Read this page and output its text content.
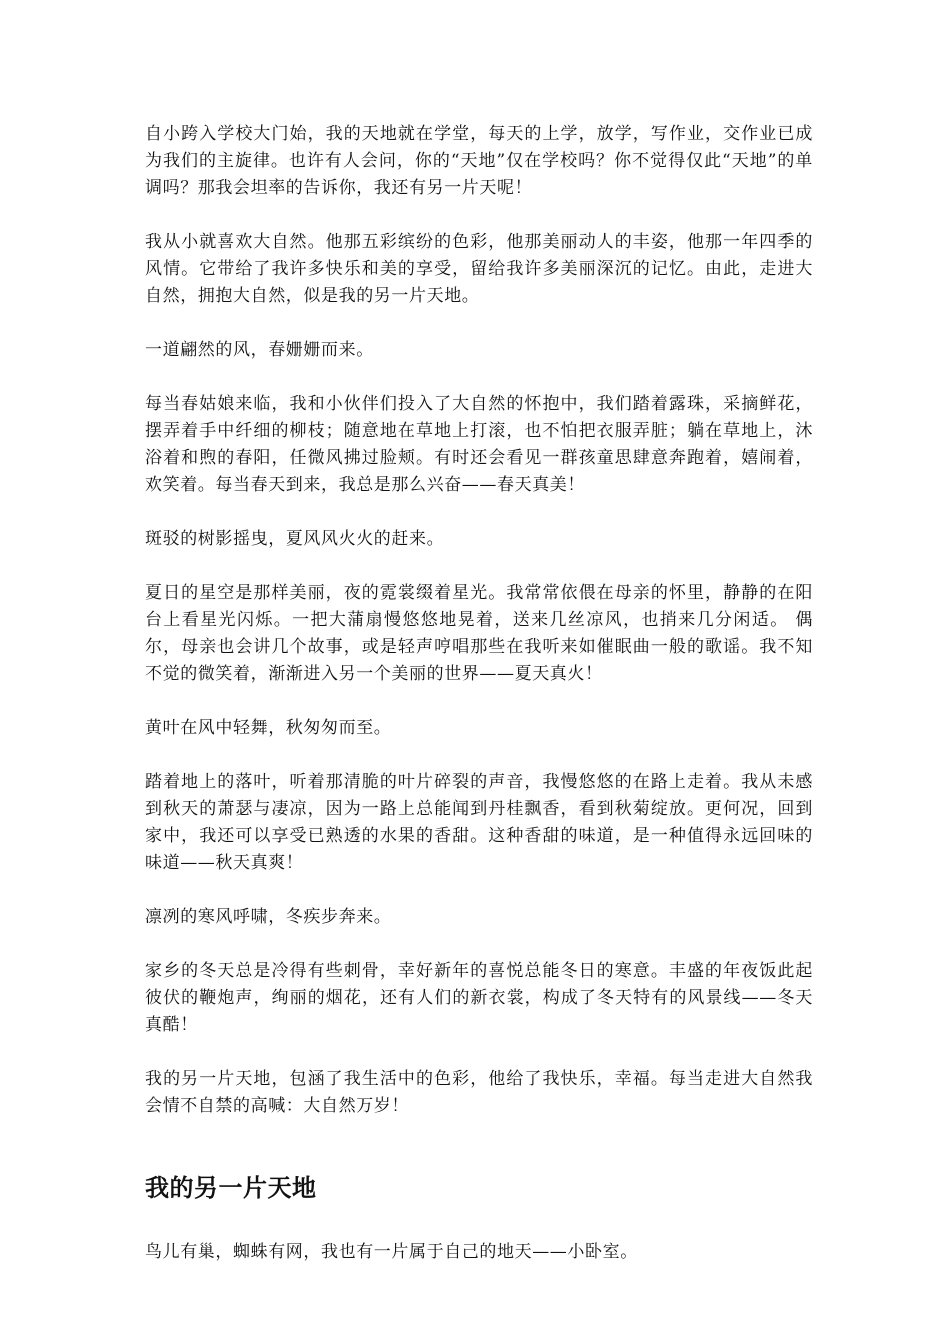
自小跨入学校大门始，我的天地就在学堂，每天的上学，放学，写作业，交作业已成为我们的主旋律。也许有人会问，你的“天地”仅在学校吗？你不觉得仅此“天地”的单调吗？那我会坦率的告诉你，我还有另一片天呢！

我从小就喜欢大自然。他那五彩缤纷的色彩，他那美丽动人的丰姿，他那一年四季的风情。它带给了我许多快乐和美的享受，留给我许多美丽深沉的记忆。由此，走进大自然，拥抱大自然，似是我的另一片天地。

一道翩然的风，春姗姗而来。

每当春姑娘来临，我和小伙伴们投入了大自然的怀抱中，我们踏着露珠，采摘鲜花，摆弄着手中纤细的柳枝；随意地在草地上打滚，也不怕把衣服弄脏；躺在草地上，沐浴着和煦的春阳，任微风拂过脸颊。有时还会看见一群孩童思肆意奔跑着，嬉闹着，欢笑着。每当春天到来，我总是那么兴奋——春天真美！

斑驳的树影摇曳，夏风风火火的赶来。

夏日的星空是那样美丽，夜的霓裳缀着星光。我常常依偎在母亲的怀里，静静的在阳台上看星光闪烁。一把大蒲扇慢悠悠地晃着，送来几丝凉风，也捎来几分闲适。 偶尔，母亲也会讲几个故事，或是轻声哼唱那些在我听来如催眠曲一般的歌谣。我不知不觉的微笑着，渐渐进入另一个美丽的世界——夏天真火！

黄叶在风中轻舞，秋匆匆而至。

踏着地上的落叶，听着那清脆的叶片碎裂的声音，我慢悠悠的在路上走着。我从未感到秋天的萧瑟与凄凉，因为一路上总能闻到丹桂飘香，看到秋菊绽放。更何况，回到家中，我还可以享受已熟透的水果的香甜。这种香甜的味道，是一种值得永远回味的味道——秋天真爽！

凛冽的寒风呼啸，冬疾步奔来。

家乡的冬天总是冷得有些刺骨，幸好新年的喜悦总能冬日的寒意。丰盛的年夜饭此起彼伏的鞭炮声，绚丽的烟花，还有人们的新衣裳，构成了冬天特有的风景线——冬天真酷！

我的另一片天地，包涵了我生活中的色彩，他给了我快乐，幸福。每当走进大自然我会情不自禁的高喊：大自然万岁！

我的另一片天地

鸟儿有巢，蜘蛛有网，我也有一片属于自己的地天——小卧室。
